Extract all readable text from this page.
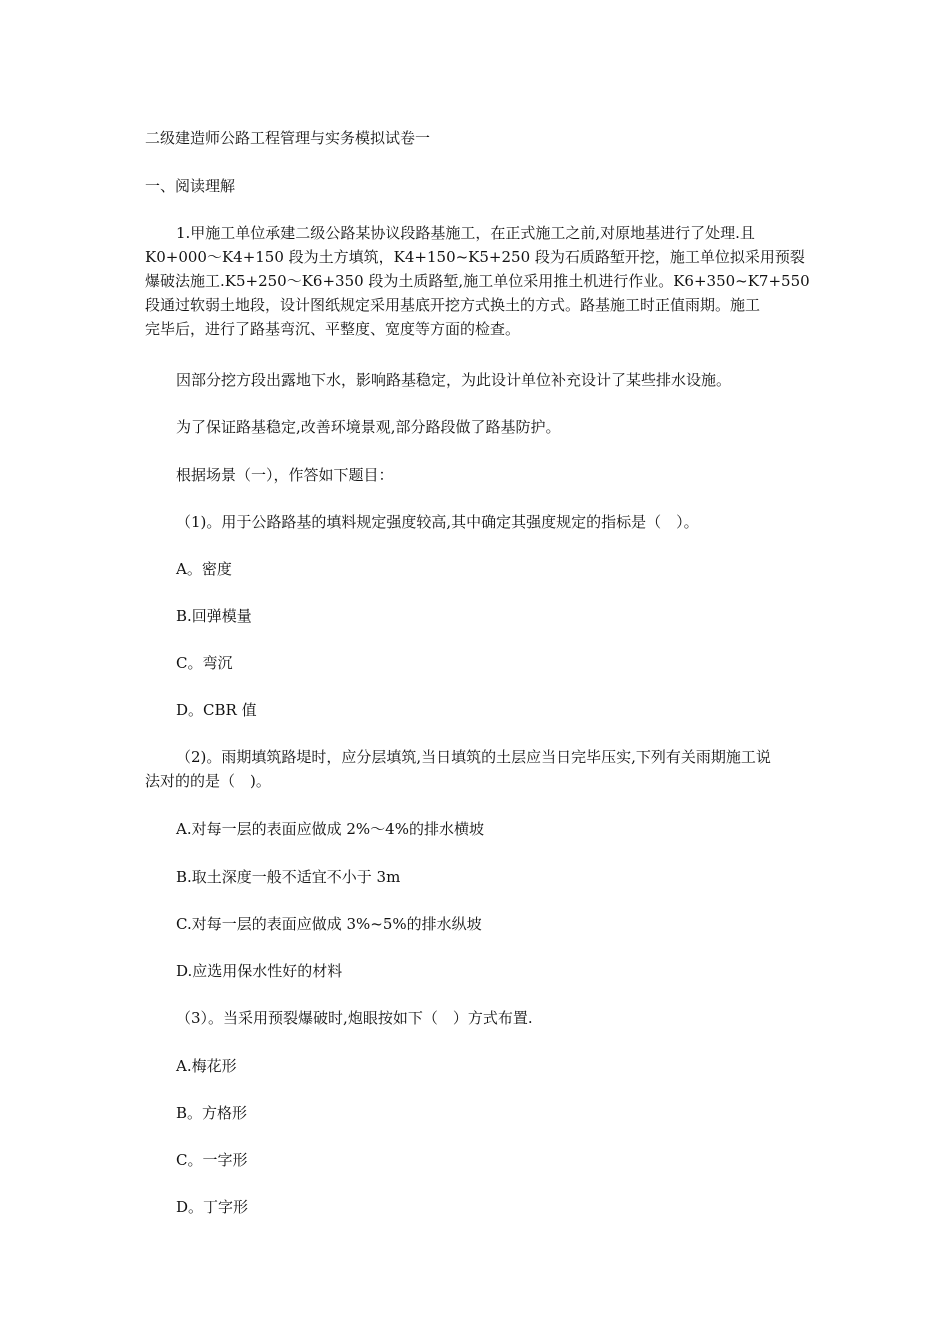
二级建造师公路工程管理与实务模拟试卷一
一、阅读理解
1.甲施工单位承建二级公路某协议段路基施工，在正式施工之前,对原地基进行了处理.且
K0+000～K4+150 段为土方填筑，K4+150~K5+250 段为石质路堑开挖，施工单位拟采用预裂
爆破法施工.K5+250～K6+350 段为土质路堑,施工单位采用推土机进行作业。K6+350~K7+550
段通过软弱土地段，设计图纸规定采用基底开挖方式换土的方式。路基施工时正值雨期。施工
完毕后，进行了路基弯沉、平整度、宽度等方面的检查。
因部分挖方段出露地下水，影响路基稳定，为此设计单位补充设计了某些排水设施。
为了保证路基稳定,改善环境景观,部分路段做了路基防护。
根据场景（一），作答如下题目：
（1)。用于公路路基的填料规定强度较高,其中确定其强度规定的指标是（　）。
A。密度
B.回弹模量
C。弯沉
D。CBR 值
（2)。雨期填筑路堤时，应分层填筑,当日填筑的土层应当日完毕压实,下列有关雨期施工说
法对的的是（　)。
A.对每一层的表面应做成 2%～4%的排水横坡
B.取土深度一般不适宜不小于 3m
C.对每一层的表面应做成 3%~5%的排水纵坡
D.应选用保水性好的材料
（3）。当采用预裂爆破时,炮眼按如下（　）方式布置.
A.梅花形
B。方格形
C。一字形
D。丁字形
